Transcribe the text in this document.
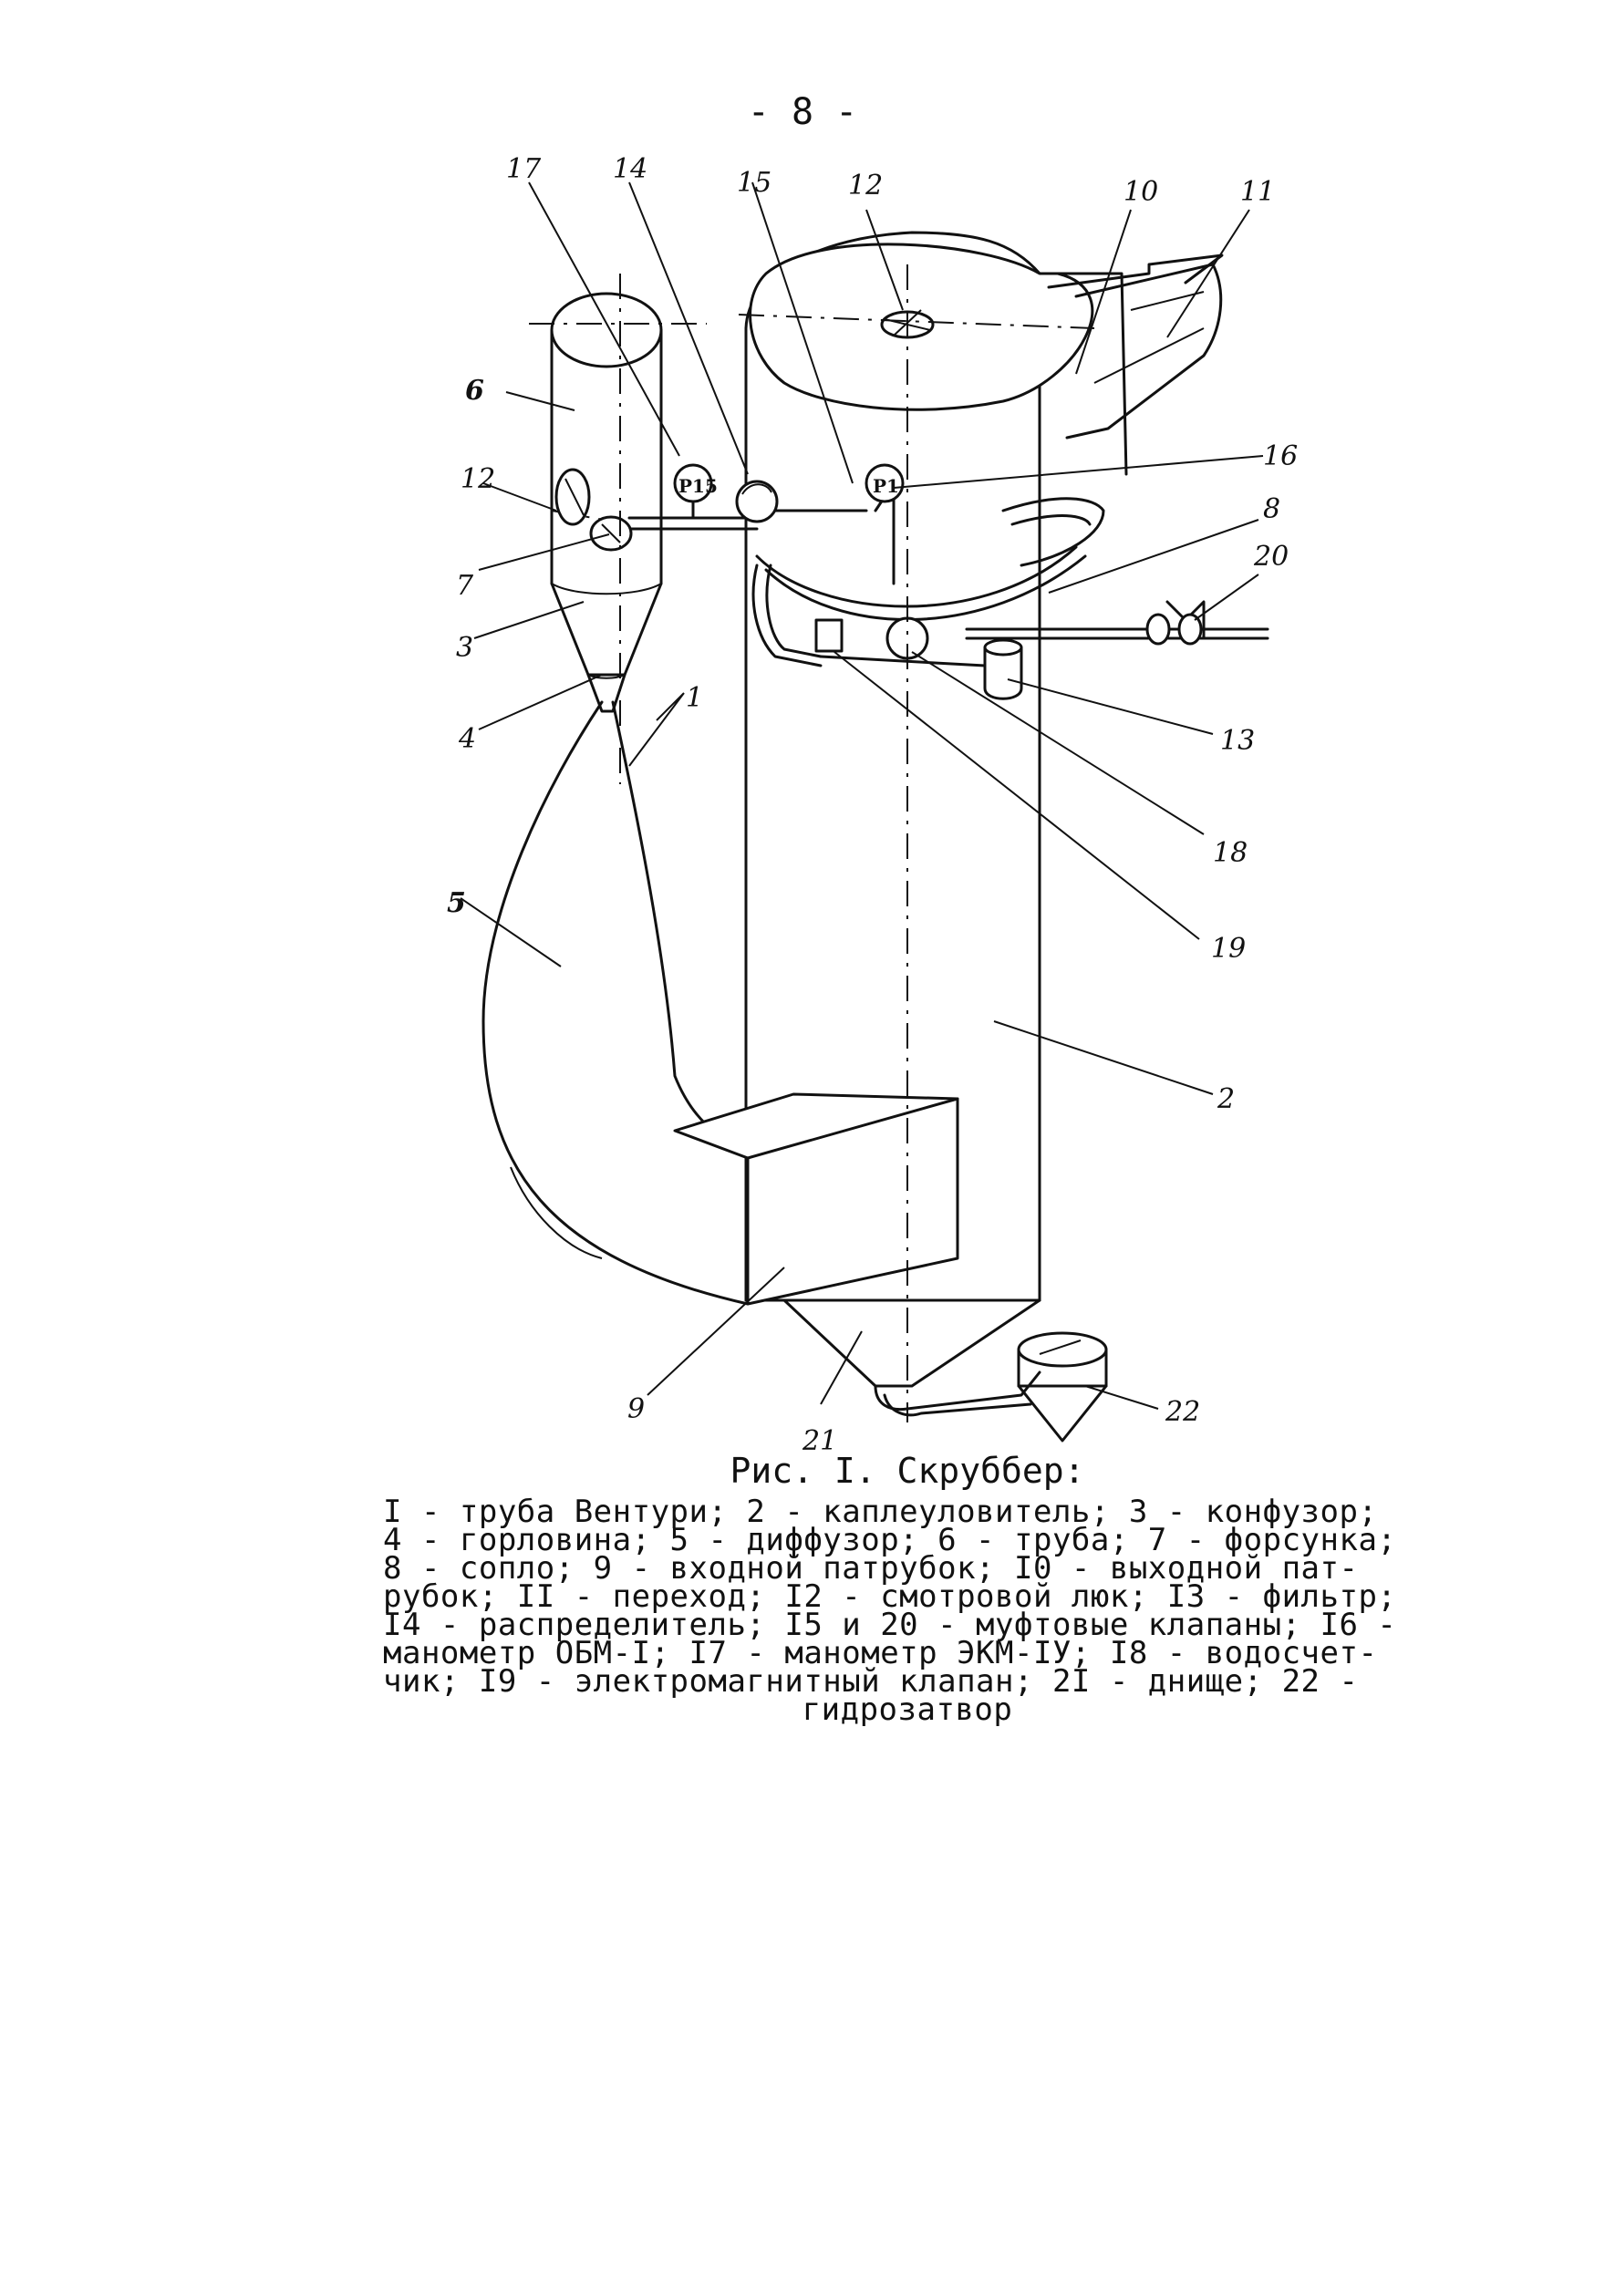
- 8 -
P15	P1
17	14	15	12	10	11
16
8
20
6
12
7
3
4
1
5
13
18
19
2
9
21
22
Рис. I. Скруббер:
I - труба Вентури; 2 - каплеуловитель; 3 - конфузор;
4 - горловина; 5 - диффузор; 6 - труба; 7 - форсунка;
8 - сопло; 9 - входной патрубок; I0 - выходной пат-
рубок; II - переход; I2 - смотровой люк; I3 - фильтр;
I4 - распределитель; I5 и 20 - муфтовые клапаны; I6 -
манометр ОБМ-I; I7 - манометр ЭКМ-IУ; I8 - водосчет-
чик; I9 - электромагнитный клапан; 2I - днище; 22 -
гидрозатвор
